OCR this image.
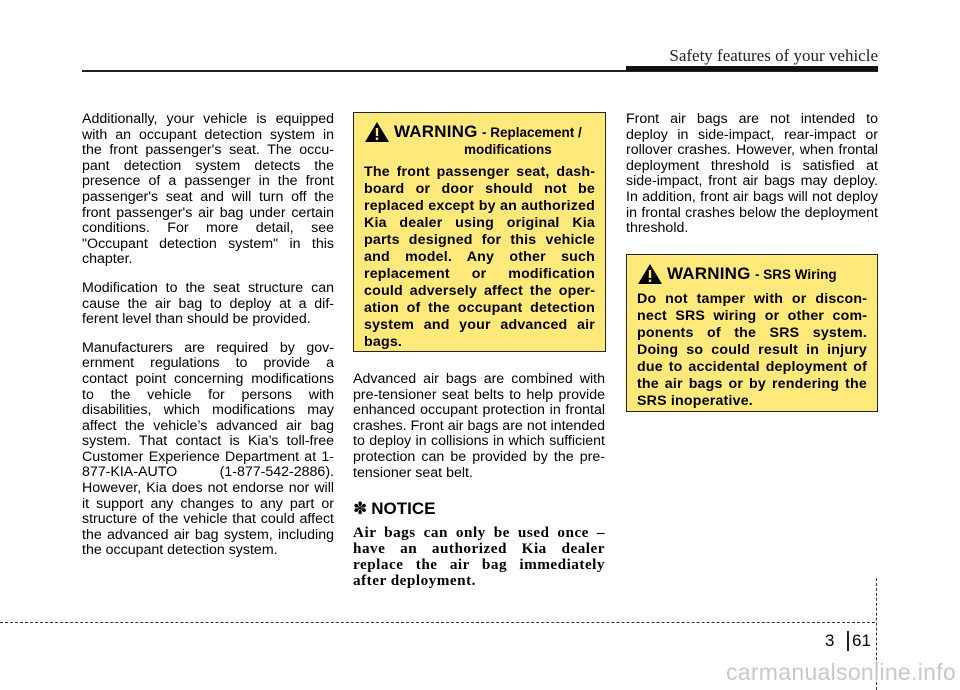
Safety features of your vehicle

Additionally, your vehicle is equipped with an occupant detection system in the front passenger's seat. The occupant detection system detects the presence of a passenger in the front passenger's seat and will turn off the front passenger's air bag under certain conditions. For more detail, see "Occupant detection system" in this chapter.

Modification to the seat structure can cause the air bag to deploy at a different level than should be provided.

Manufacturers are required by government regulations to provide a contact point concerning modifications to the vehicle for persons with disabilities, which modifications may affect the vehicle’s advanced air bag system. That contact is Kia’s toll-free Customer Experience Department at 1-877-KIA-AUTO (1-877-542-2886). However, Kia does not endorse nor will it support any changes to any part or structure of the vehicle that could affect the advanced air bag system, including the occupant detection system.

WARNING - Replacement /
modifications
The front passenger seat, dashboard or door should not be replaced except by an authorized Kia dealer using original Kia parts designed for this vehicle and model. Any other such replacement or modification could adversely affect the operation of the occupant detection system and your advanced air bags.

Advanced air bags are combined with pre-tensioner seat belts to help provide enhanced occupant protection in frontal crashes. Front air bags are not intended to deploy in collisions in which sufficient protection can be provided by the pre-tensioner seat belt.

✽ NOTICE
Air bags can only be used once – have an authorized Kia dealer replace the air bag immediately after deployment.

Front air bags are not intended to deploy in side-impact, rear-impact or rollover crashes. However, when frontal deployment threshold is satisfied at side-impact, front air bags may deploy. In addition, front air bags will not deploy in frontal crashes below the deployment threshold.

WARNING - SRS Wiring
Do not tamper with or disconnect SRS wiring or other components of the SRS system. Doing so could result in injury due to accidental deployment of the air bags or by rendering the SRS inoperative.
3 61
carmanualsonline.info
